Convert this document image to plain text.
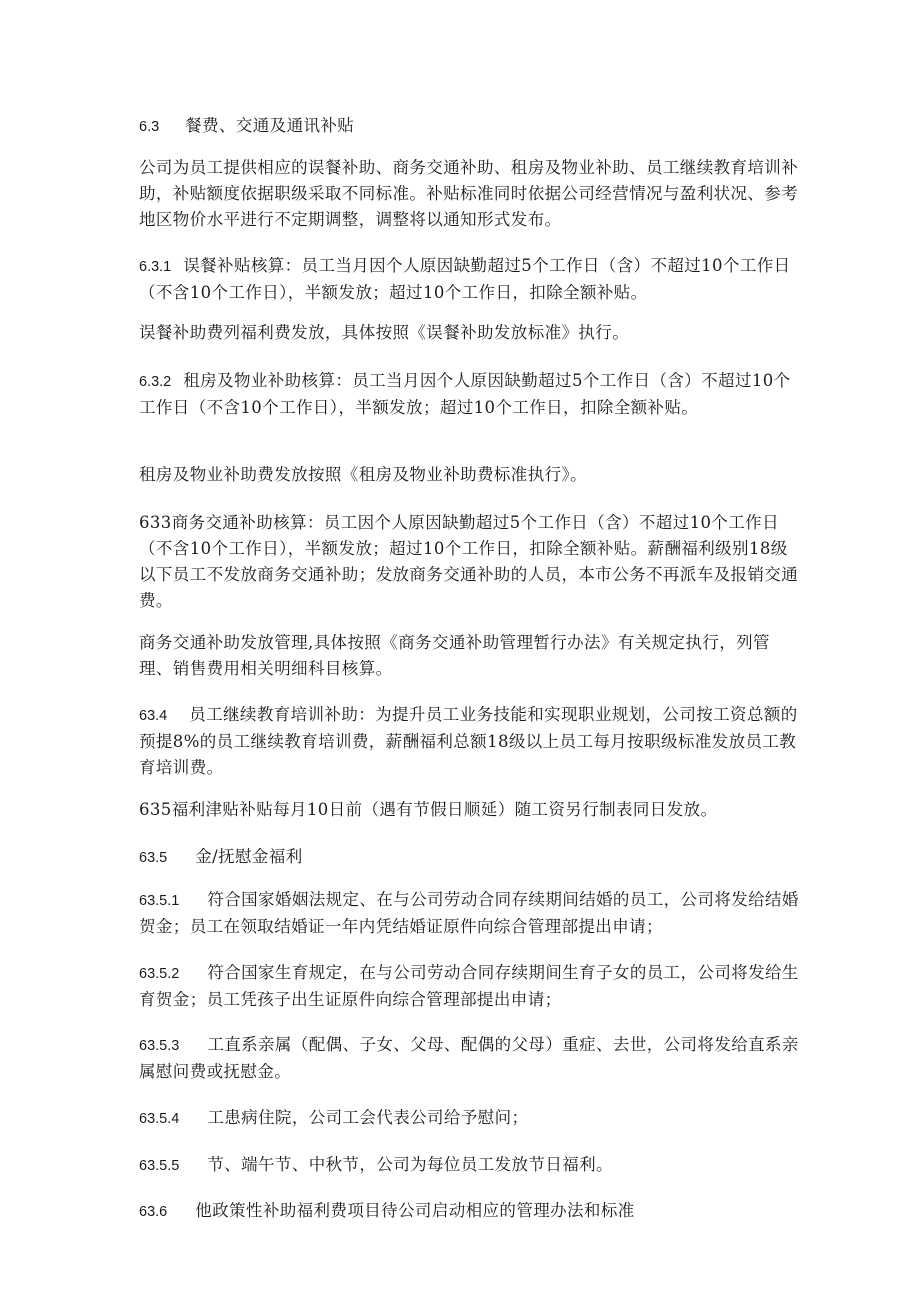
6.3 餐费、交通及通讯补贴

公司为员工提供相应的误餐补助、商务交通补助、租房及物业补助、员工继续教育培训补助，补贴额度依据职级采取不同标准。补贴标准同时依据公司经营情况与盈利状况、参考地区物价水平进行不定期调整，调整将以通知形式发布。

6.3.1 误餐补贴核算：员工当月因个人原因缺勤超过5个工作日（含）不超过10个工作日（不含10个工作日），半额发放；超过10个工作日，扣除全额补贴。

误餐补助费列福利费发放，具体按照《误餐补助发放标准》执行。

6.3.2 租房及物业补助核算：员工当月因个人原因缺勤超过5个工作日（含）不超过10个工作日（不含10个工作日），半额发放；超过10个工作日，扣除全额补贴。

租房及物业补助费发放按照《租房及物业补助费标准执行》。

633商务交通补助核算：员工因个人原因缺勤超过5个工作日（含）不超过10个工作日（不含10个工作日），半额发放；超过10个工作日，扣除全额补贴。薪酬福利级别18级以下员工不发放商务交通补助；发放商务交通补助的人员，本市公务不再派车及报销交通费。

商务交通补助发放管理,具体按照《商务交通补助管理暂行办法》有关规定执行，列管理、销售费用相关明细科目核算。

63.4 员工继续教育培训补助：为提升员工业务技能和实现职业规划，公司按工资总额的预提8%的员工继续教育培训费，薪酬福利总额18级以上员工每月按职级标准发放员工教育培训费。

635福利津贴补贴每月10日前（遇有节假日顺延）随工资另行制表同日发放。

63.5 金/抚慰金福利

63.5.1 符合国家婚姻法规定、在与公司劳动合同存续期间结婚的员工，公司将发给结婚贺金；员工在领取结婚证一年内凭结婚证原件向综合管理部提出申请；

63.5.2 符合国家生育规定，在与公司劳动合同存续期间生育子女的员工，公司将发给生育贺金；员工凭孩子出生证原件向综合管理部提出申请；

63.5.3 工直系亲属（配偶、子女、父母、配偶的父母）重症、去世，公司将发给直系亲属慰问费或抚慰金。

63.5.4 工患病住院，公司工会代表公司给予慰问；

63.5.5 节、端午节、中秋节，公司为每位员工发放节日福利。

63.6 他政策性补助福利费项目待公司启动相应的管理办法和标准
